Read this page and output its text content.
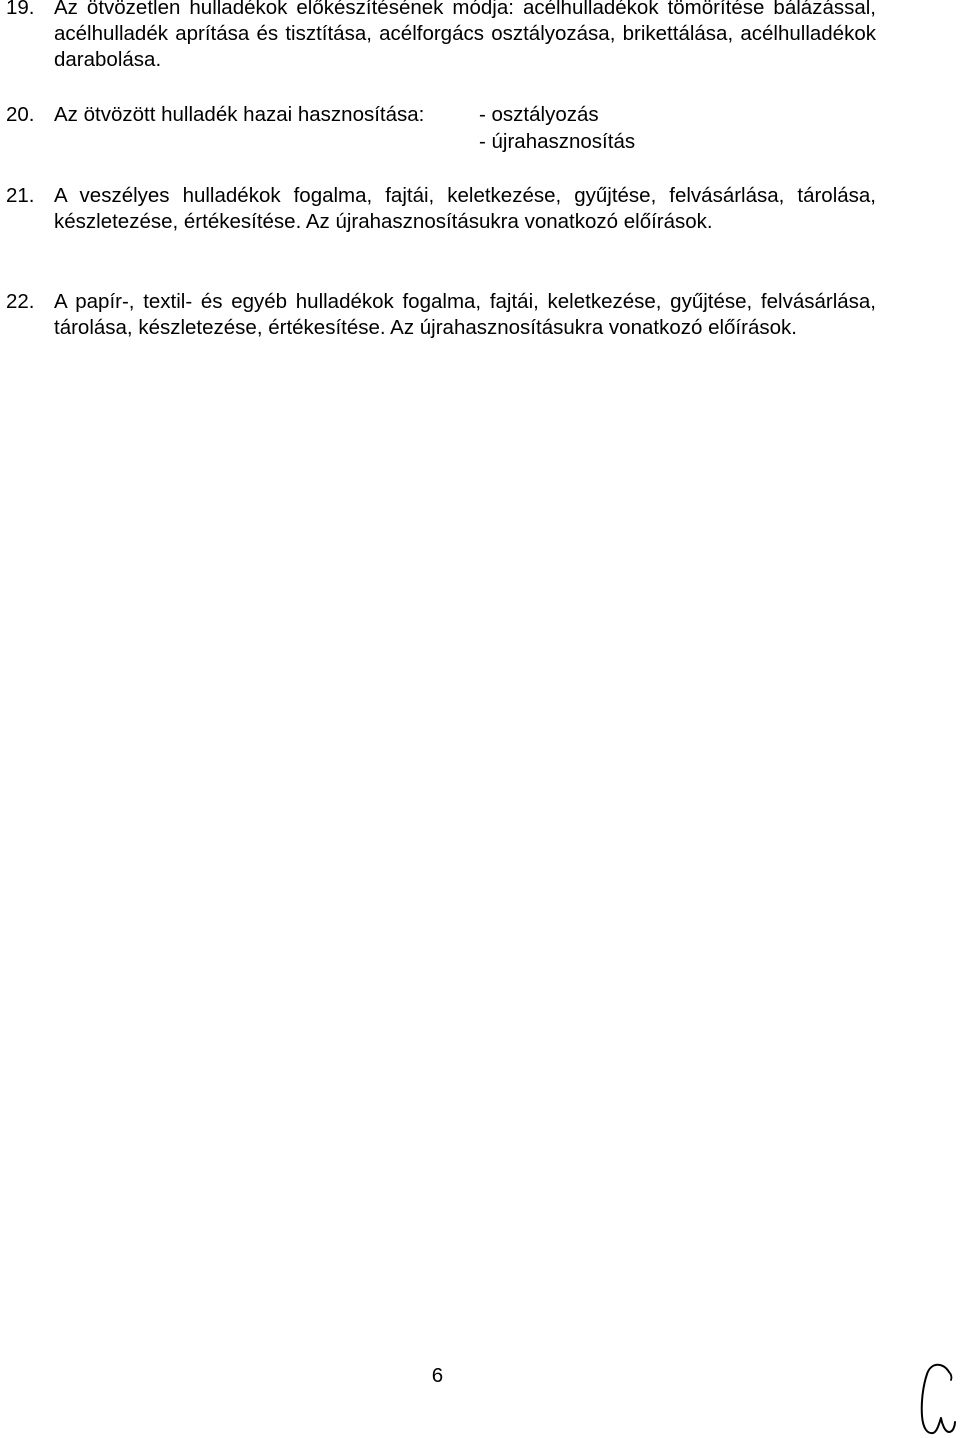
19. Az ötvözetlen hulladékok előkészítésének módja: acélhulladékok tömörítése bálázással, acélhulladék aprítása és tisztítása, acélforgács osztályozása, brikettálása, acélhulladékok darabolása.
20. Az ötvözött hulladék hazai hasznosítása:	- osztályozás
- újrahasznosítás
21. A veszélyes hulladékok fogalma, fajtái, keletkezése, gyűjtése, felvásárlása, tárolása, készletezése, értékesítése. Az újrahasznosításukra vonatkozó előírások.
22. A papír-, textil- és egyéb hulladékok fogalma, fajtái, keletkezése, gyűjtése, felvásárlása, tárolása, készletezése, értékesítése. Az újrahasznosításukra vonatkozó előírások.
6
